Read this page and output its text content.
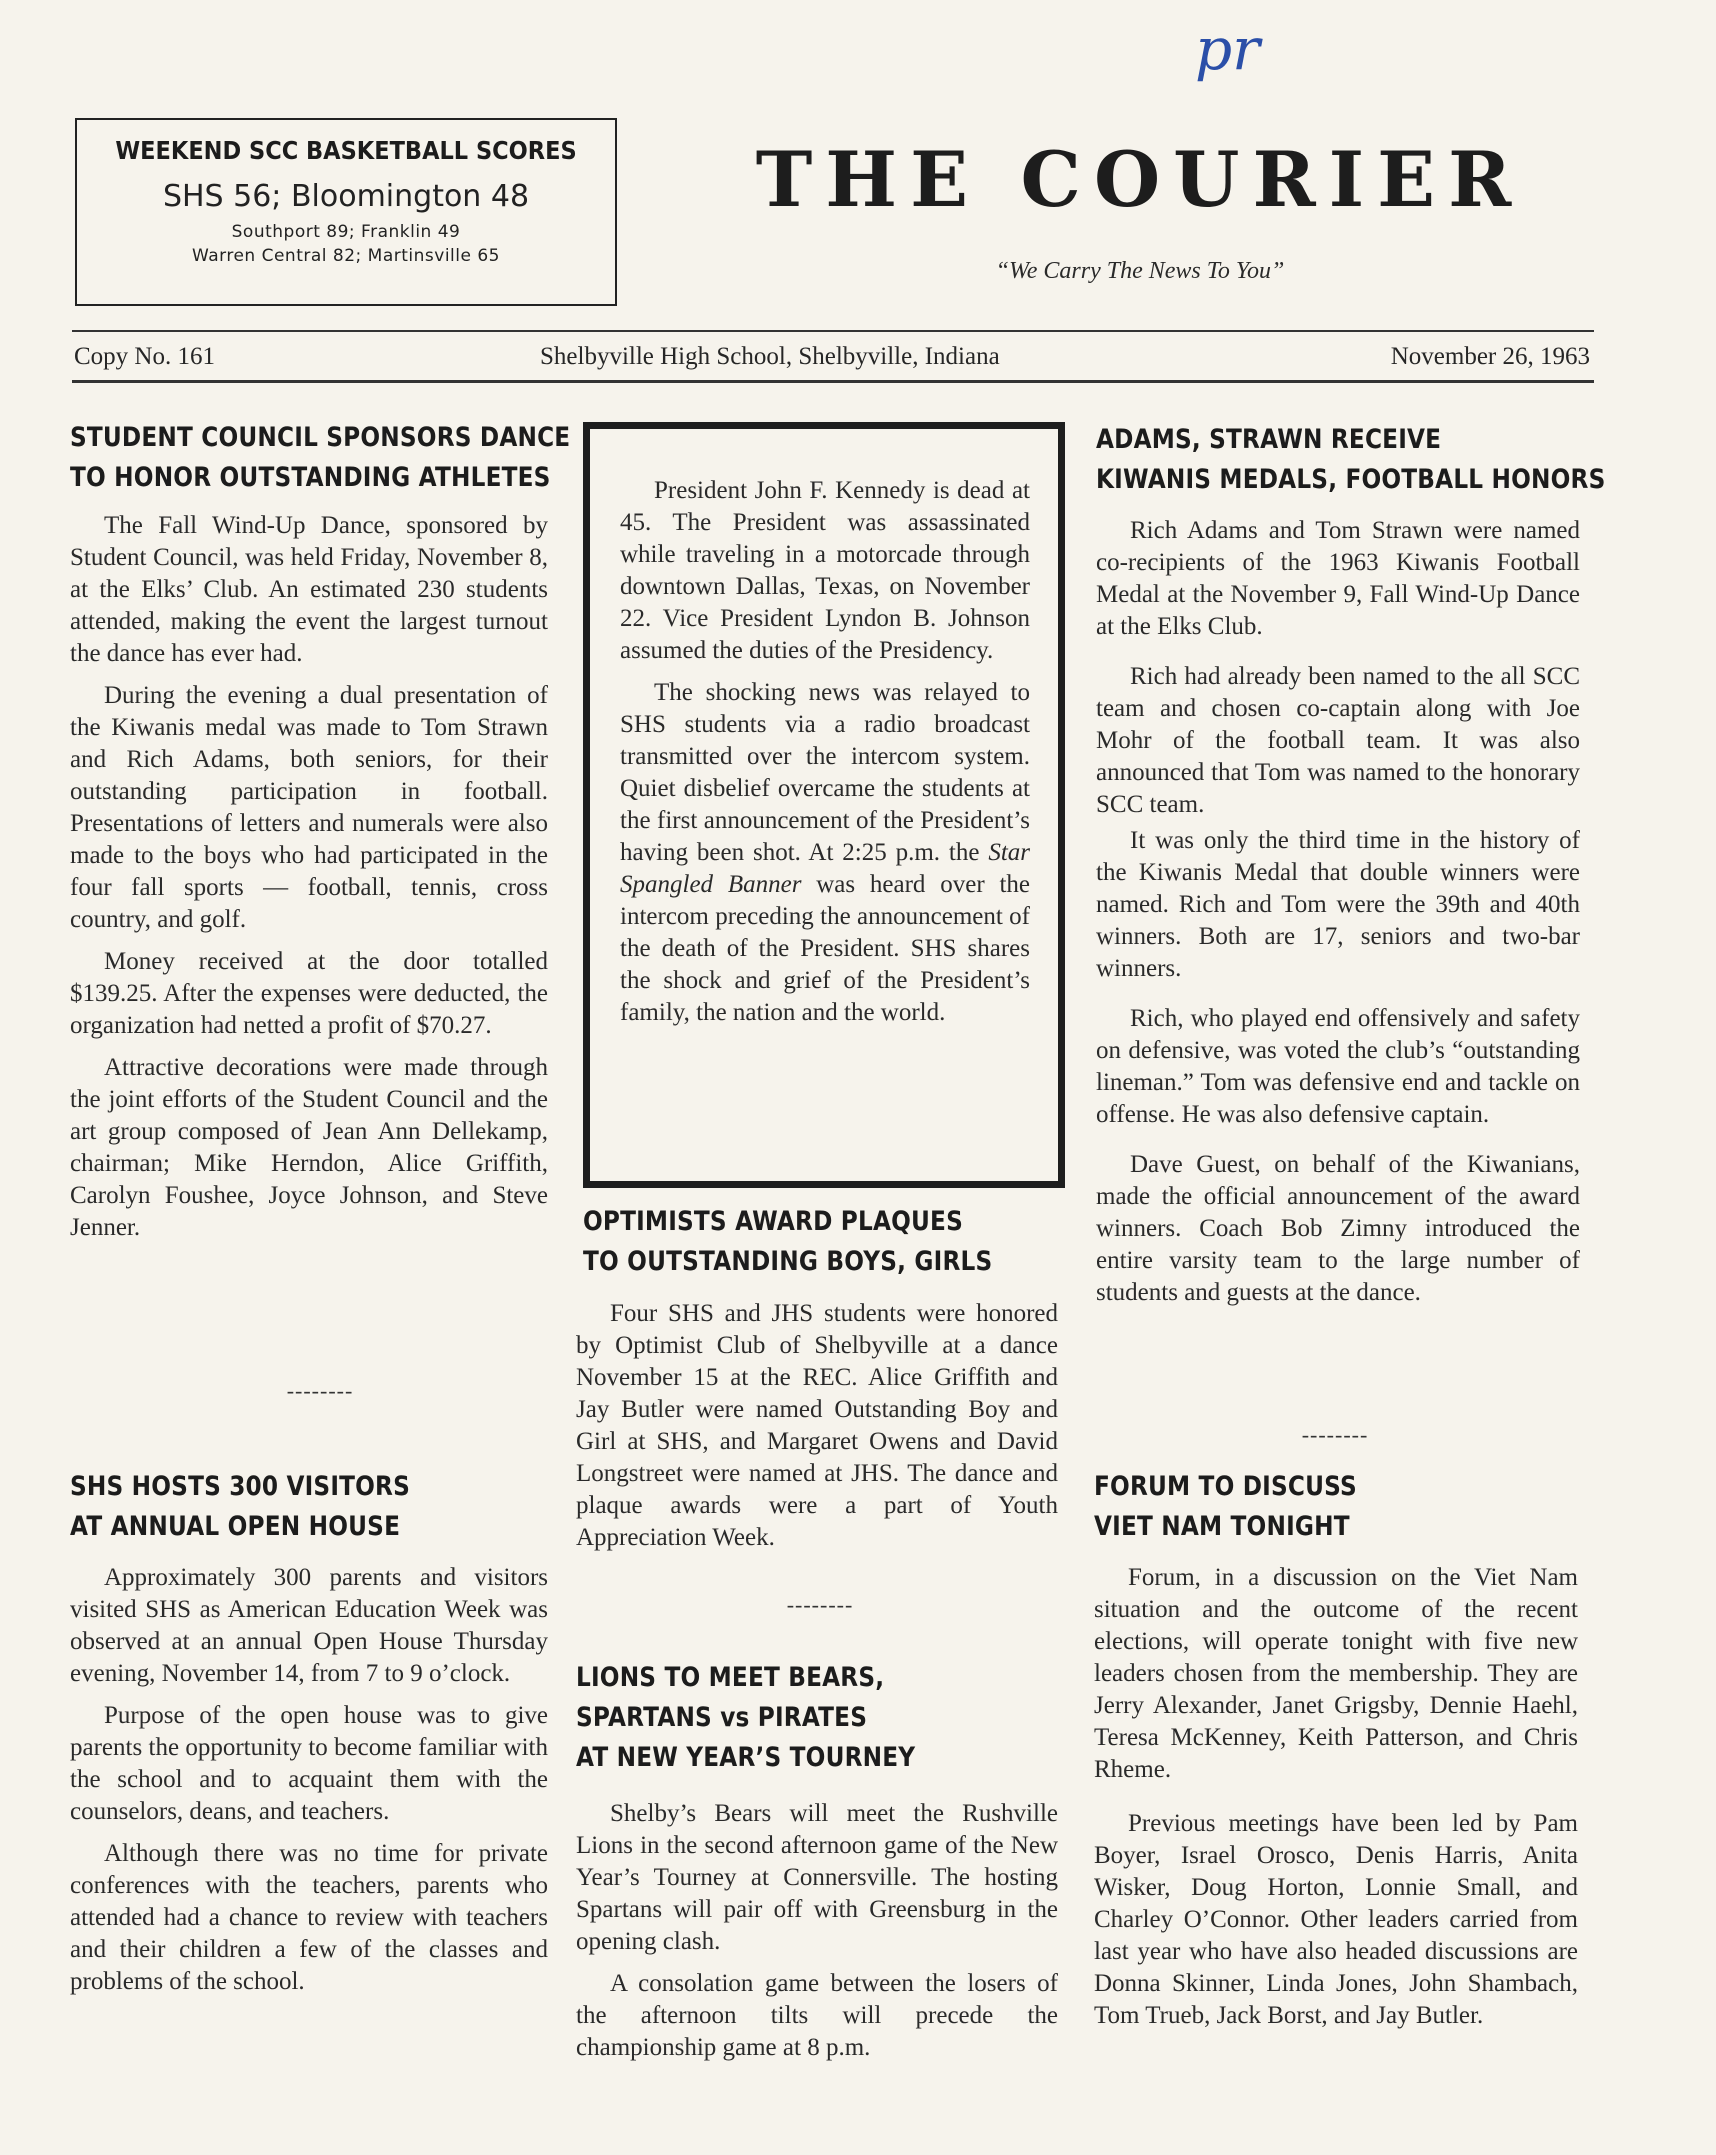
pr
WEEKEND SCC BASKETBALL SCORES
SHS 56; Bloomington 48
Southport 89; Franklin 49
Warren Central 82; Martinsville 65
THE COURIER
“We Carry The News To You”
Copy No. 161	Shelbyville High School, Shelbyville, Indiana	November 26, 1963
STUDENT COUNCIL SPONSORS DANCE
TO HONOR OUTSTANDING ATHLETES

The Fall Wind-Up Dance, sponsored by Student Council, was held Friday, November 8, at the Elks’ Club. An estimated 230 students attended, making the event the largest turnout the dance has ever had.

During the evening a dual presentation of the Kiwanis medal was made to Tom Strawn and Rich Adams, both seniors, for their outstanding participation in football. Presentations of letters and numerals were also made to the boys who had participated in the four fall sports — football, tennis, cross country, and golf.

Money received at the door totalled $139.25. After the expenses were deducted, the organization had netted a profit of $70.27.

Attractive decorations were made through the joint efforts of the Student Council and the art group composed of Jean Ann Dellekamp, chairman; Mike Herndon, Alice Griffith, Carolyn Foushee, Joyce Johnson, and Steve Jenner.

--------
SHS HOSTS 300 VISITORS
AT ANNUAL OPEN HOUSE

Approximately 300 parents and visitors visited SHS as American Education Week was observed at an annual Open House Thursday evening, November 14, from 7 to 9 o’clock.

Purpose of the open house was to give parents the opportunity to become familiar with the school and to acquaint them with the counselors, deans, and teachers.

Although there was no time for private conferences with the teachers, parents who attended had a chance to review with teachers and their children a few of the classes and problems of the school.

President John F. Kennedy is dead at 45. The President was assassinated while traveling in a motorcade through downtown Dallas, Texas, on November 22. Vice President Lyndon B. Johnson assumed the duties of the Presidency.

The shocking news was relayed to SHS students via a radio broadcast transmitted over the intercom system. Quiet disbelief overcame the students at the first announcement of the President’s having been shot. At 2:25 p.m. the Star Spangled Banner was heard over the intercom preceding the announcement of the death of the President. SHS shares the shock and grief of the President’s family, the nation and the world.

OPTIMISTS AWARD PLAQUES
TO OUTSTANDING BOYS, GIRLS

Four SHS and JHS students were honored by Optimist Club of Shelbyville at a dance November 15 at the REC. Alice Griffith and Jay Butler were named Outstanding Boy and Girl at SHS, and Margaret Owens and David Longstreet were named at JHS. The dance and plaque awards were a part of Youth Appreciation Week.

--------
LIONS TO MEET BEARS,
SPARTANS vs PIRATES
AT NEW YEAR’S TOURNEY

Shelby’s Bears will meet the Rushville Lions in the second afternoon game of the New Year’s Tourney at Connersville. The hosting Spartans will pair off with Greensburg in the opening clash.

A consolation game between the losers of the afternoon tilts will precede the championship game at 8 p.m.

ADAMS, STRAWN RECEIVE
KIWANIS MEDALS, FOOTBALL HONORS

Rich Adams and Tom Strawn were named co-recipients of the 1963 Kiwanis Football Medal at the November 9, Fall Wind-Up Dance at the Elks Club.

Rich had already been named to the all SCC team and chosen co-captain along with Joe Mohr of the football team. It was also announced that Tom was named to the honorary SCC team.

It was only the third time in the history of the Kiwanis Medal that double winners were named. Rich and Tom were the 39th and 40th winners. Both are 17, seniors and two-bar winners.

Rich, who played end offensively and safety on defensive, was voted the club’s “outstanding lineman.” Tom was defensive end and tackle on offense. He was also defensive captain.

Dave Guest, on behalf of the Kiwanians, made the official announcement of the award winners. Coach Bob Zimny introduced the entire varsity team to the large number of students and guests at the dance.

--------
FORUM TO DISCUSS
VIET NAM TONIGHT

Forum, in a discussion on the Viet Nam situation and the outcome of the recent elections, will operate tonight with five new leaders chosen from the membership. They are Jerry Alexander, Janet Grigsby, Dennie Haehl, Teresa McKenney, Keith Patterson, and Chris Rheme.

Previous meetings have been led by Pam Boyer, Israel Orosco, Denis Harris, Anita Wisker, Doug Horton, Lonnie Small, and Charley O’Connor. Other leaders carried from last year who have also headed discussions are Donna Skinner, Linda Jones, John Shambach, Tom Trueb, Jack Borst, and Jay Butler.
